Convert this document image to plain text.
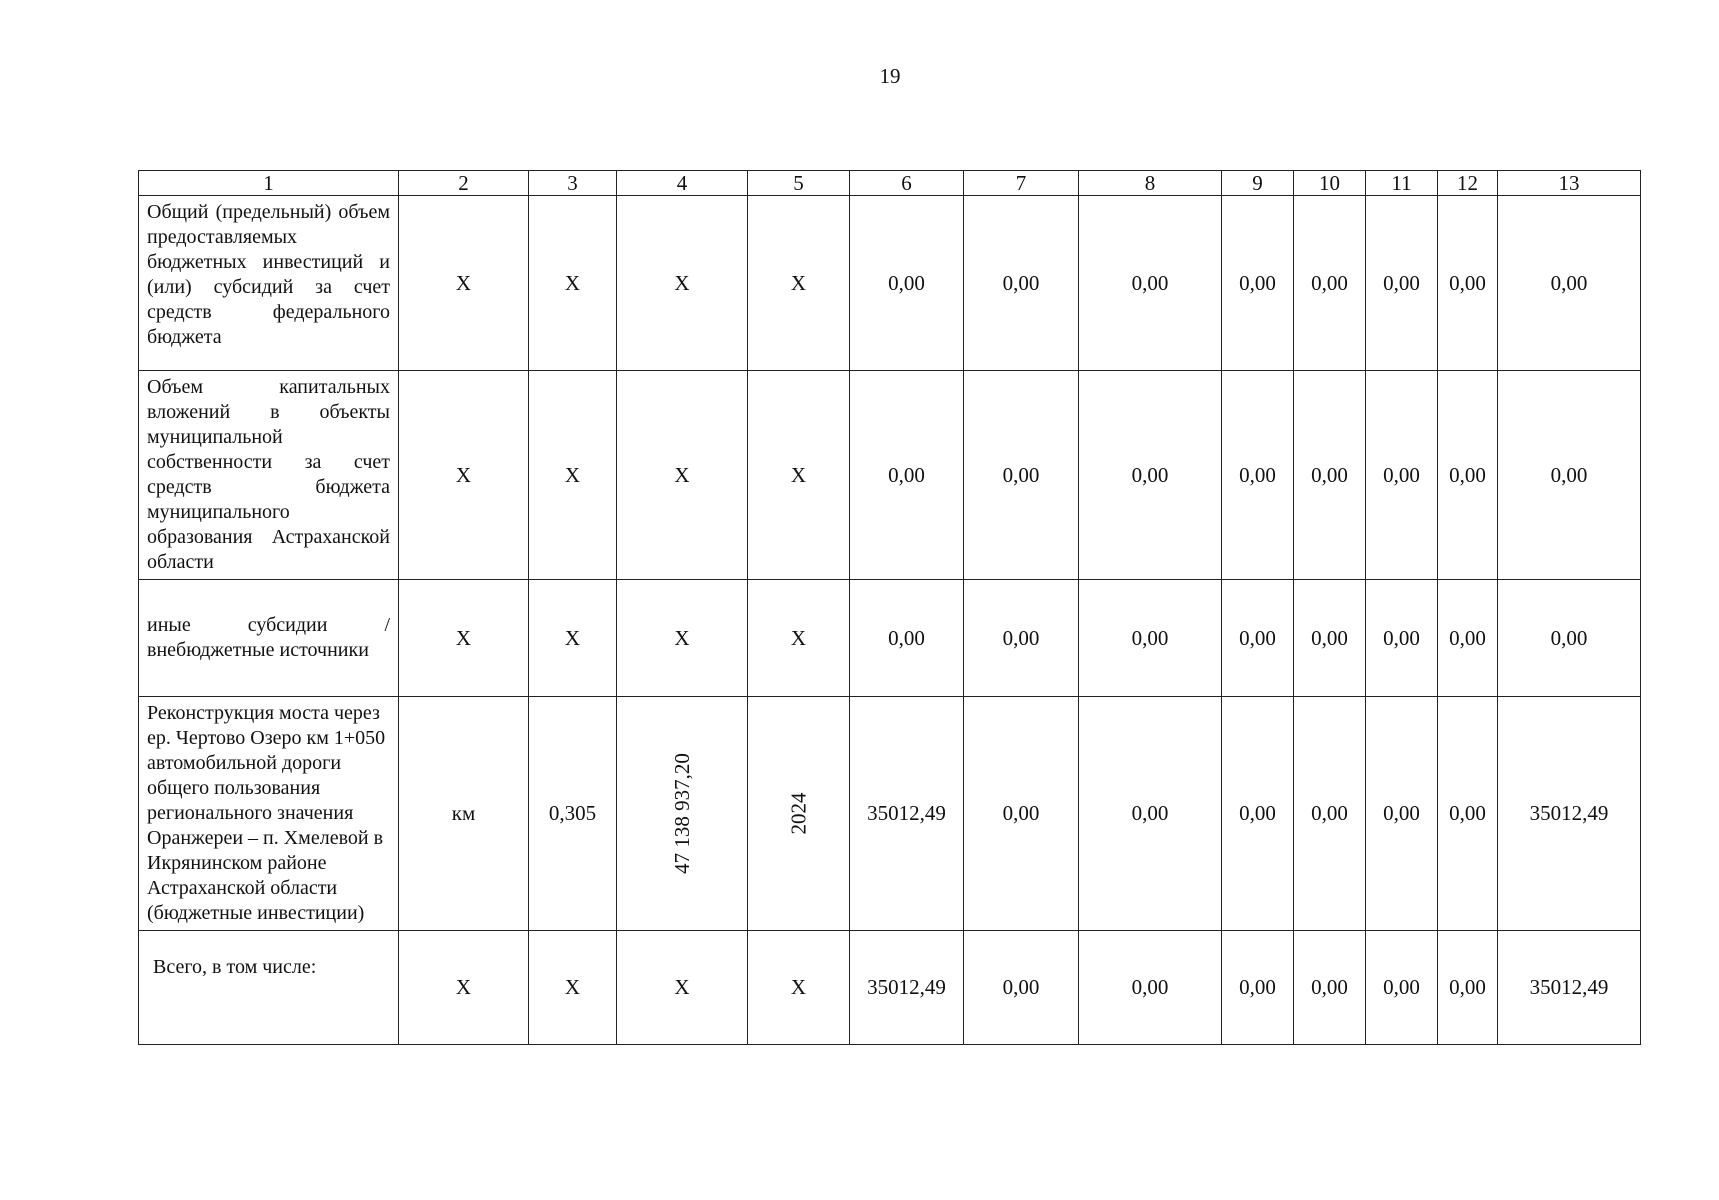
19
1	2	3	4	5	6	7	8	9	10	11	12	13

Общий (предельный) объем предоставляемых бюджетных инвестиций и (или) субсидий за счет средств федерального бюджета	Х	Х	Х	Х	0,00	0,00	0,00	0,00	0,00	0,00	0,00	0,00

Объем капитальных вложений в объекты муниципальной собственности за счет средств бюджета муниципального образования Астраханской области	Х	Х	Х	Х	0,00	0,00	0,00	0,00	0,00	0,00	0,00	0,00

иные субсидии / внебюджетные источники	Х	Х	Х	Х	0,00	0,00	0,00	0,00	0,00	0,00	0,00	0,00
Реконструкция моста через ер. Чертово Озеро км 1+050 автомобильной дороги общего пользования регионального значения Оранжереи – п. Хмелевой в Икрянинском районе Астраханской области (бюджетные инвестиции)	км	0,305	47 138 937,20	2024	35012,49	0,00	0,00	0,00	0,00	0,00	0,00	35012,49
Всего, в том числе:	Х	Х	Х	Х	35012,49	0,00	0,00	0,00	0,00	0,00	0,00	35012,49
